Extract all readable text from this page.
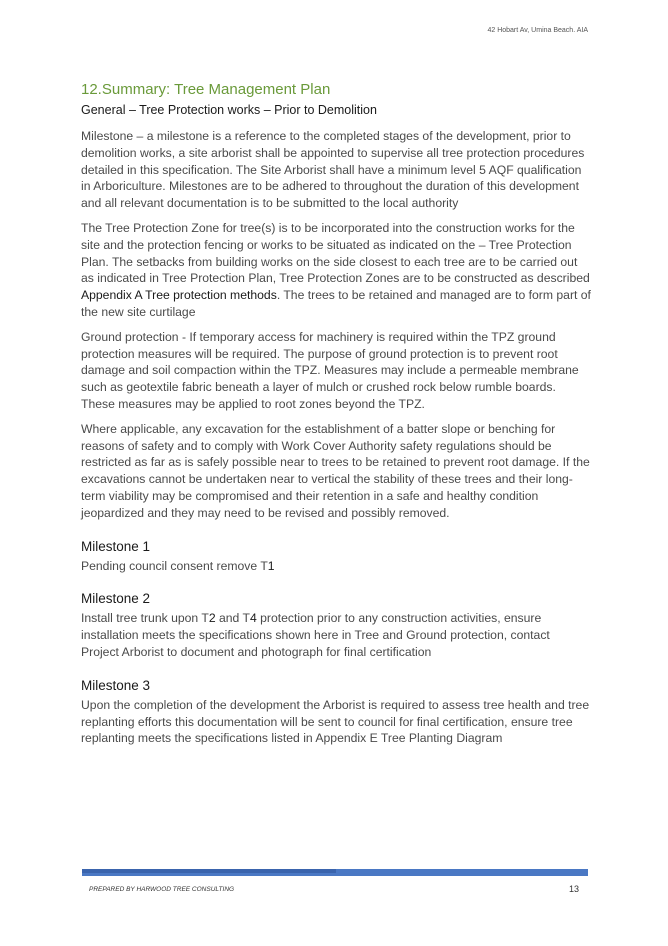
42 Hobart Av, Umina Beach. AIA
12.Summary: Tree Management Plan
General – Tree Protection works – Prior to Demolition

Milestone – a milestone is a reference to the completed stages of the development, prior to demolition works, a site arborist shall be appointed to supervise all tree protection procedures detailed in this specification. The Site Arborist shall have a minimum level 5 AQF qualification in Arboriculture. Milestones are to be adhered to throughout the duration of this development and all relevant documentation is to be submitted to the local authority

The Tree Protection Zone for tree(s) is to be incorporated into the construction works for the site and the protection fencing or works to be situated as indicated on the – Tree Protection Plan. The setbacks from building works on the side closest to each tree are to be carried out as indicated in Tree Protection Plan, Tree Protection Zones are to be constructed as described Appendix A Tree protection methods. The trees to be retained and managed are to form part of the new site curtilage

Ground protection - If temporary access for machinery is required within the TPZ ground protection measures will be required. The purpose of ground protection is to prevent root damage and soil compaction within the TPZ. Measures may include a permeable membrane such as geotextile fabric beneath a layer of mulch or crushed rock below rumble boards. These measures may be applied to root zones beyond the TPZ.

Where applicable, any excavation for the establishment of a batter slope or benching for reasons of safety and to comply with Work Cover Authority safety regulations should be restricted as far as is safely possible near to trees to be retained to prevent root damage. If the excavations cannot be undertaken near to vertical the stability of these trees and their long-term viability may be compromised and their retention in a safe and healthy condition jeopardized and they may need to be revised and possibly removed.

Milestone 1

Pending council consent remove T1

Milestone 2

Install tree trunk upon T2 and T4 protection prior to any construction activities, ensure installation meets the specifications shown here in Tree and Ground protection, contact Project Arborist to document and photograph for final certification

Milestone 3

Upon the completion of the development the Arborist is required to assess tree health and tree replanting efforts this documentation will be sent to council for final certification, ensure tree replanting meets the specifications listed in Appendix E Tree Planting Diagram

PREPARED BY HARWOOD TREE CONSULTING	13
